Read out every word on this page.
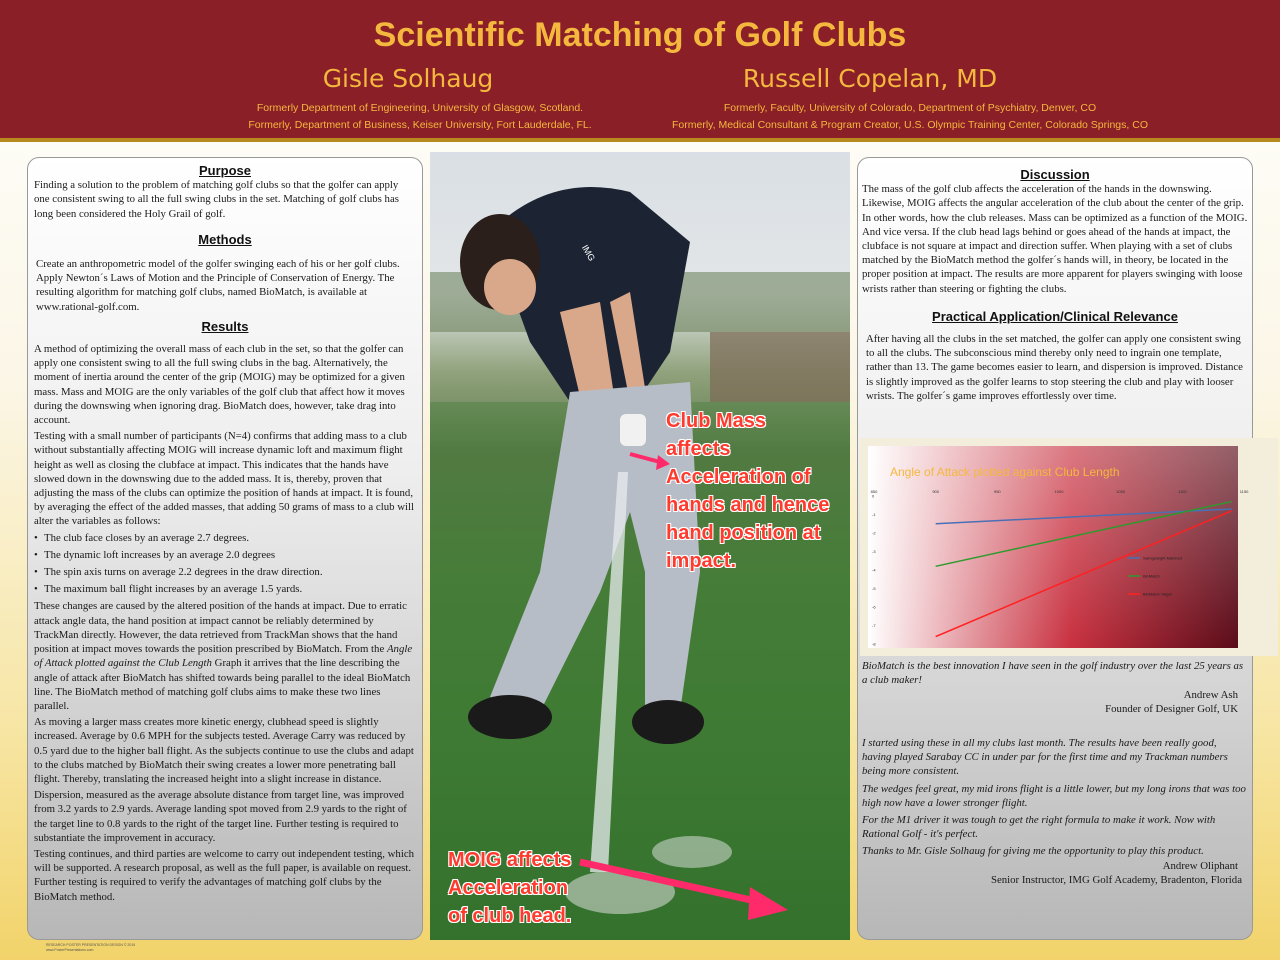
Scientific Matching of Golf Clubs
Gisle Solhaug	Russell Copelan, MD
Formerly Department of Engineering, University of Glasgow, Scotland.
Formerly, Department of Business, Keiser University, Fort Lauderdale, FL.
Formerly, Faculty, University of Colorado, Department of Psychiatry, Denver, CO
Formerly, Medical Consultant & Program Creator, U.S. Olympic Training Center, Colorado Springs, CO
Purpose

Finding a solution to the problem of matching golf clubs so that the golfer can apply one consistent swing to all the full swing clubs in the set. Matching of golf clubs has long been considered the Holy Grail of golf.

Methods

Create an anthropometric model of the golfer swinging each of his or her golf clubs. Apply Newton´s Laws of Motion and the Principle of Conservation of Energy. The resulting algorithm for matching golf clubs, named BioMatch, is available at www.rational-golf.com.

Results

A method of optimizing the overall mass of each club in the set, so that the golfer can apply one consistent swing to all the full swing clubs in the bag. Alternatively, the moment of inertia around the center of the grip (MOIG) may be optimized for a given mass. Mass and MOIG are the only variables of the golf club that affect how it moves during the downswing when ignoring drag. BioMatch does, however, take drag into account.

Testing with a small number of participants (N=4) confirms that adding mass to a club without substantially affecting MOIG will increase dynamic loft and maximum flight height as well as closing the clubface at impact. This indicates that the hands have slowed down in the downswing due to the added mass. It is, thereby, proven that adjusting the mass of the clubs can optimize the position of hands at impact. It is found, by averaging the effect of the added masses, that adding 50 grams of mass to a club will alter the variables as follows:

• The club face closes by an average 2.7 degrees.
• The dynamic loft increases by an average 2.0 degrees
• The spin axis turns on average 2.2 degrees in the draw direction.
• The maximum ball flight increases by an average 1.5 yards.

These changes are caused by the altered position of the hands at impact. Due to erratic attack angle data, the hand position at impact cannot be reliably determined by TrackMan directly. However, the data retrieved from TrackMan shows that the hand position at impact moves towards the position prescribed by BioMatch. From the Angle of Attack plotted against the Club Length Graph it arrives that the line describing the angle of attack after BioMatch has shifted towards being parallel to the ideal BioMatch line. The BioMatch method of matching golf clubs aims to make these two lines parallel.

As moving a larger mass creates more kinetic energy, clubhead speed is slightly increased. Average by 0.6 MPH for the subjects tested. Average Carry was reduced by 0.5 yard due to the higher ball flight. As the subjects continue to use the clubs and adapt to the clubs matched by BioMatch their swing creates a lower more penetrating ball flight. Thereby, translating the increased height into a slight increase in distance.

Dispersion, measured as the average absolute distance from target line, was improved from 3.2 yards to 2.9 yards. Average landing spot moved from 2.9 yards to the right of the target line to 0.8 yards to the right of the target line. Further testing is required to substantiate the improvement in accuracy.

Testing continues, and third parties are welcome to carry out independent testing, which will be supported. A research proposal, as well as the full paper, is available on request. Further testing is required to verify the advantages of matching golf clubs by the BioMatch method.

IMG
Club Mass
affects
Acceleration of
hands and hence
hand position at
impact.
MOIG affects
Acceleration
of club head.
Discussion

The mass of the golf club affects the acceleration of the hands in the downswing. Likewise, MOIG affects the angular acceleration of the club about the center of the grip. In other words, how the club releases. Mass can be optimized as a function of the MOIG. And vice versa. If the club head lags behind or goes ahead of the hands at impact, the clubface is not square at impact and direction suffer. When playing with a set of clubs matched by the BioMatch method the golfer´s hands will, in theory, be located in the proper position at impact. The results are more apparent for players swinging with loose wrists rather than steering or fighting the clubs.

Practical Application/Clinical Relevance

After having all the clubs in the set matched, the golfer can apply one consistent swing to all the clubs. The subconscious mind thereby only need to ingrain one template, rather than 13. The game becomes easier to learn, and dispersion is improved. Distance is slightly improved as the golfer learns to stop steering the club and play with looser wrists. The golfer´s game improves effortlessly over time.

BioMatch is the best innovation I have seen in the golf industry over the last 25 years as a club maker!

Andrew Ash

Founder of Designer Golf, UK

I started using these in all my clubs last month. The results have been really good, having played Sarabay CC in under par for the first time and my Trackman numbers being more consistent.

The wedges feel great, my mid irons flight is a little lower, but my long irons that was too high now have a lower stronger flight.

For the M1 driver it was tough to get the right formula to make it work. Now with Rational Golf - it's perfect.

Thanks to Mr. Gisle Solhaug for giving me the opportunity to play this product.

Andrew Oliphant

Senior Instructor, IMG Golf Academy, Bradenton, Florida

Angle of Attack plotted against Club Length
850	900	950	1000	1050	1100	1150
0
-1
-2
-3
-4
-5
-6
-7
-8
Swingweight Matched
BioMatch
BioMatch Target
RESEARCH POSTER PRESENTATION DESIGN © 2015
www.PosterPresentations.com
